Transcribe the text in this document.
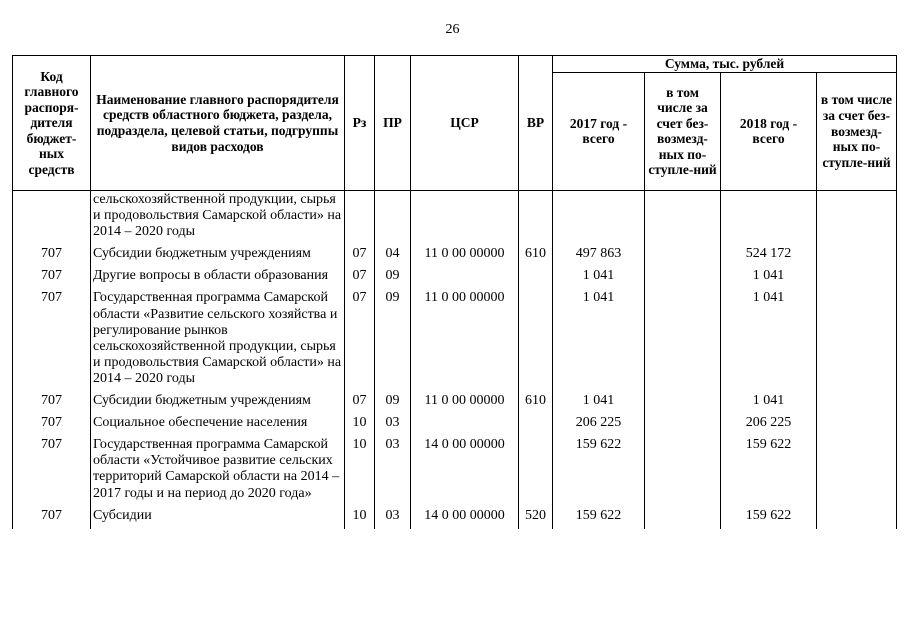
26
Код главного распоря-дителя бюджет-ных средств	Наименование главного распорядителя средств областного бюджета, раздела, подраздела, целевой статьи, подгруппы видов расходов	Рз	ПР	ЦСР	ВР	Сумма, тыс. рублей			
						2017 год - всего	в том числе за счет без-возмезд-ных по-ступле-ний	2018 год - всего	в том числе за счет без-возмезд-ных по-ступле-ний
	сельскохозяйственной продукции, сырья и продовольствия Самарской области» на 2014 – 2020 годы								
707	Субсидии бюджетным учреждениям	07	04	11 0 00 00000	610	497 863		524 172	
707	Другие вопросы в области образования	07	09			1 041		1 041	
707	Государственная программа Самарской области «Развитие сельского хозяйства и регулирование рынков сельскохозяйственной продукции, сырья и продовольствия Самарской области» на 2014 – 2020 годы	07	09	11 0 00 00000		1 041		1 041	
707	Субсидии бюджетным учреждениям	07	09	11 0 00 00000	610	1 041		1 041	
707	Социальное обеспечение населения	10	03			206 225		206 225	
707	Государственная программа Самарской области «Устойчивое развитие сельских территорий Самарской области на 2014 – 2017 годы и на период до 2020 года»	10	03	14 0 00 00000		159 622		159 622	
707	Субсидии	10	03	14 0 00 00000	520	159 622		159 622	
